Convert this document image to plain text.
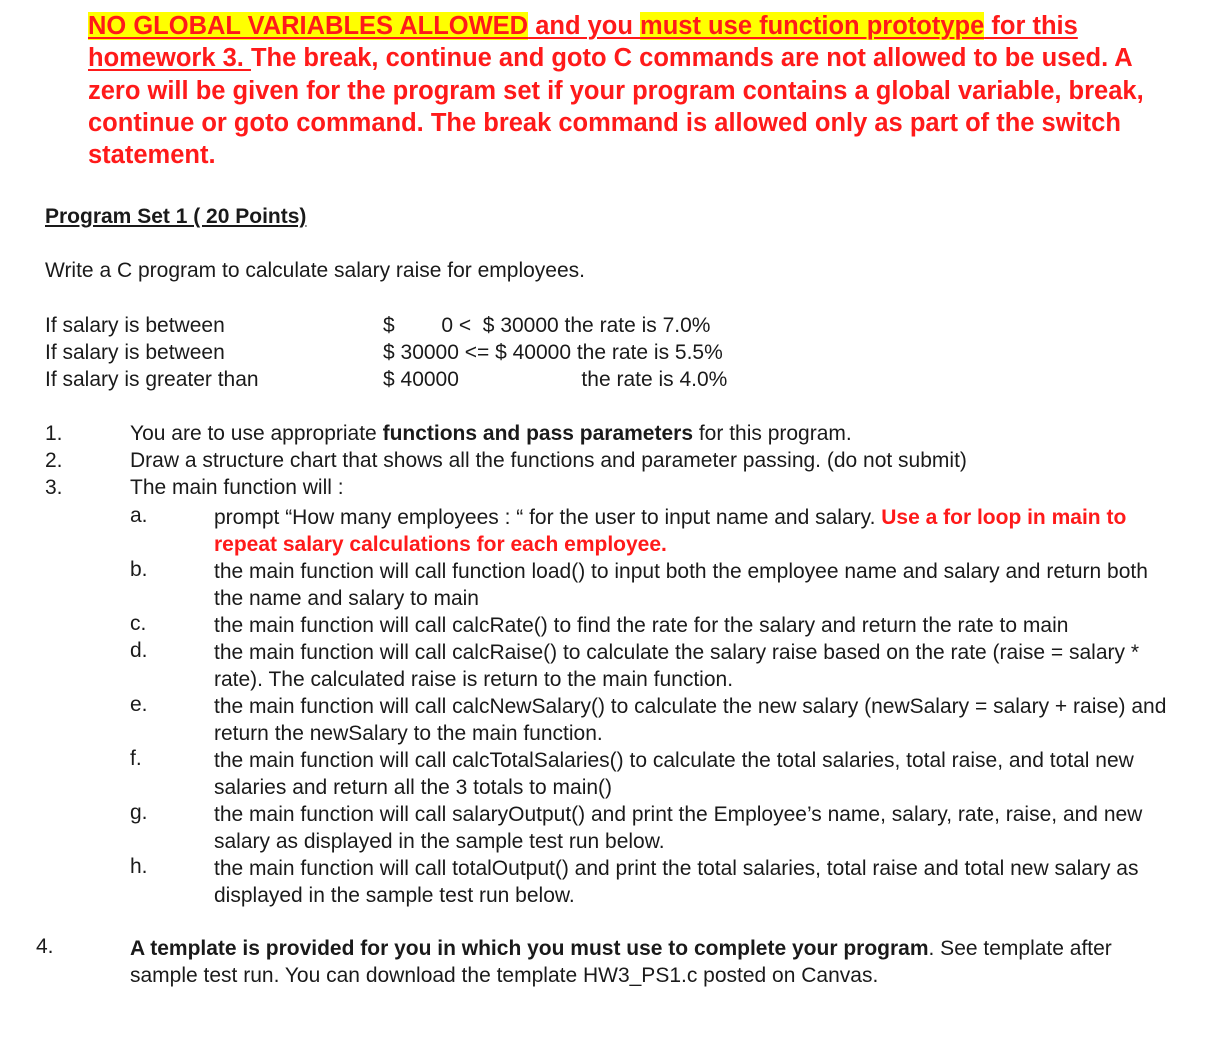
NO GLOBAL VARIABLES ALLOWED and you must use function prototype for this homework 3. The break, continue and goto C commands are not allowed to be used. A zero will be given for the program set if your program contains a global variable, break, continue or goto command. The break command is allowed only as part of the switch statement.
Program Set 1 ( 20 Points)
Write a C program to calculate salary raise for employees.
If salary is between	$        0 <  $ 30000 the rate is 7.0%
If salary is between	$ 30000 <= $ 40000 the rate is 5.5%
If salary is greater than	$ 40000                     the rate is 4.0%
1.	You are to use appropriate functions and pass parameters for this program.
2.	Draw a structure chart that shows all the functions and parameter passing. (do not submit)
3.	The main function will :
a.	prompt “How many employees : “ for the user to input name and salary. Use a for loop in main to repeat salary calculations for each employee.
b.	the main function will call function load() to input both the employee name and salary and return both the name and salary to main
c.	the main function will call calcRate() to find the rate for the salary and return the rate to main
d.	the main function will call calcRaise() to calculate the salary raise based on the rate (raise = salary * rate). The calculated raise is return to the main function.
e.	the main function will call calcNewSalary() to calculate the new salary (newSalary = salary + raise) and return the newSalary to the main function.
f.	the main function will call calcTotalSalaries() to calculate the total salaries, total raise, and total new salaries and return all the 3 totals to main()
g.	the main function will call salaryOutput() and print the Employee’s name, salary, rate, raise, and new salary as displayed in the sample test run below.
h.	the main function will call totalOutput() and print the total salaries, total raise and total new salary as displayed in the sample test run below.
4.	A template is provided for you in which you must use to complete your program. See template after sample test run. You can download the template HW3_PS1.c posted on Canvas.
